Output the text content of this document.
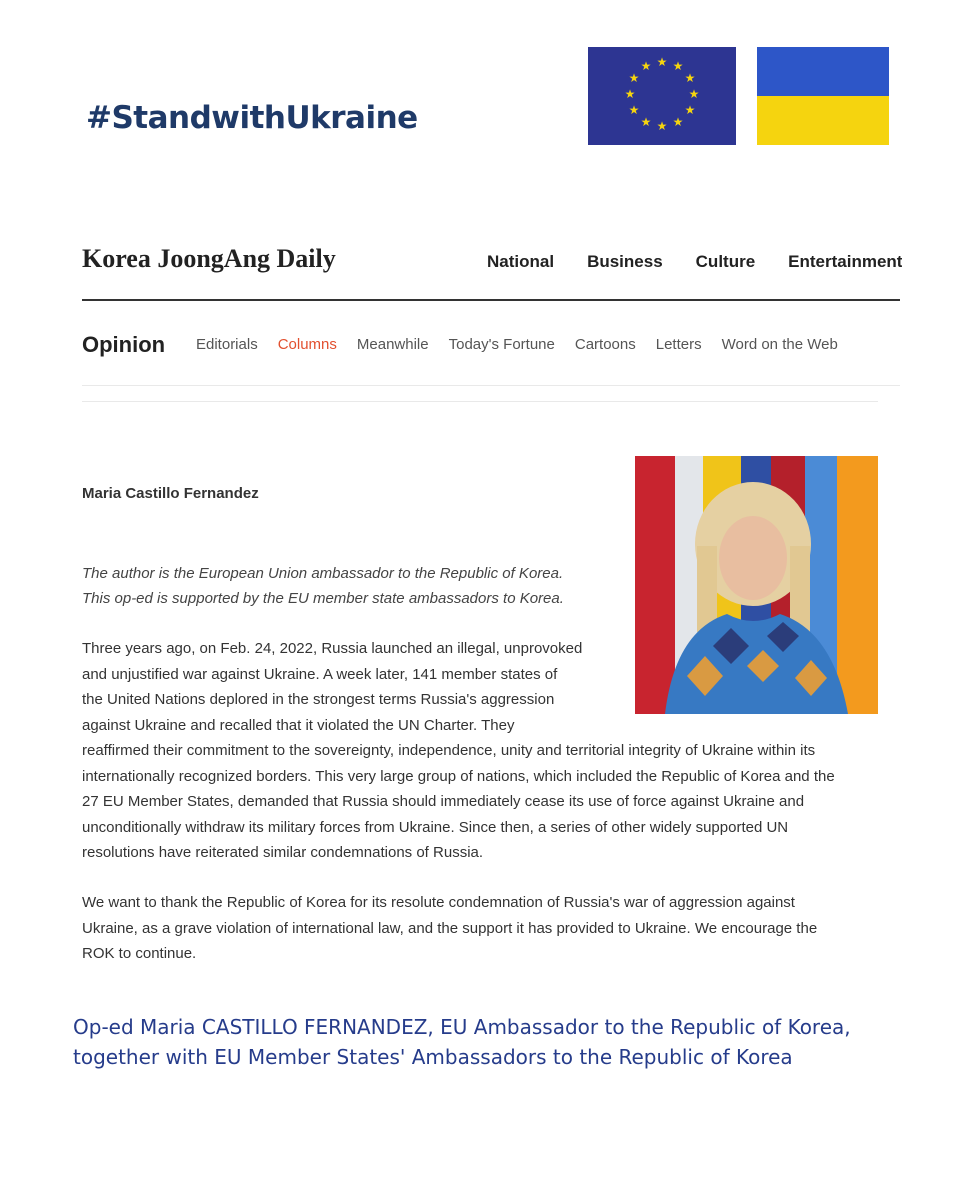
#StandwithUkraine
★ ★
★
★
★
★
★
★
★
★
★
★
Korea JoongAng Daily	National Business Culture Entertainment
Opinion Editorials Columns Meanwhile Today's Fortune Cartoons Letters Word on the Web
Maria Castillo Fernandez
The author is the European Union ambassador to the Republic of Korea.
This op-ed is supported by the EU member state ambassadors to Korea.
Three years ago, on Feb. 24, 2022, Russia launched an illegal, unprovoked
and unjustified war against Ukraine. A week later, 141 member states of
the United Nations deplored in the strongest terms Russia's aggression
against Ukraine and recalled that it violated the UN Charter. They
reaffirmed their commitment to the sovereignty, independence, unity and territorial integrity of Ukraine within its
internationally recognized borders. This very large group of nations, which included the Republic of Korea and the
27 EU Member States, demanded that Russia should immediately cease its use of force against Ukraine and
unconditionally withdraw its military forces from Ukraine. Since then, a series of other widely supported UN
resolutions have reiterated similar condemnations of Russia.
We want to thank the Republic of Korea for its resolute condemnation of Russia's war of aggression against
Ukraine, as a grave violation of international law, and the support it has provided to Ukraine. We encourage the
ROK to continue.
Op-ed Maria CASTILLO FERNANDEZ, EU Ambassador to the Republic of Korea,
together with EU Member States' Ambassadors to the Republic of Korea
